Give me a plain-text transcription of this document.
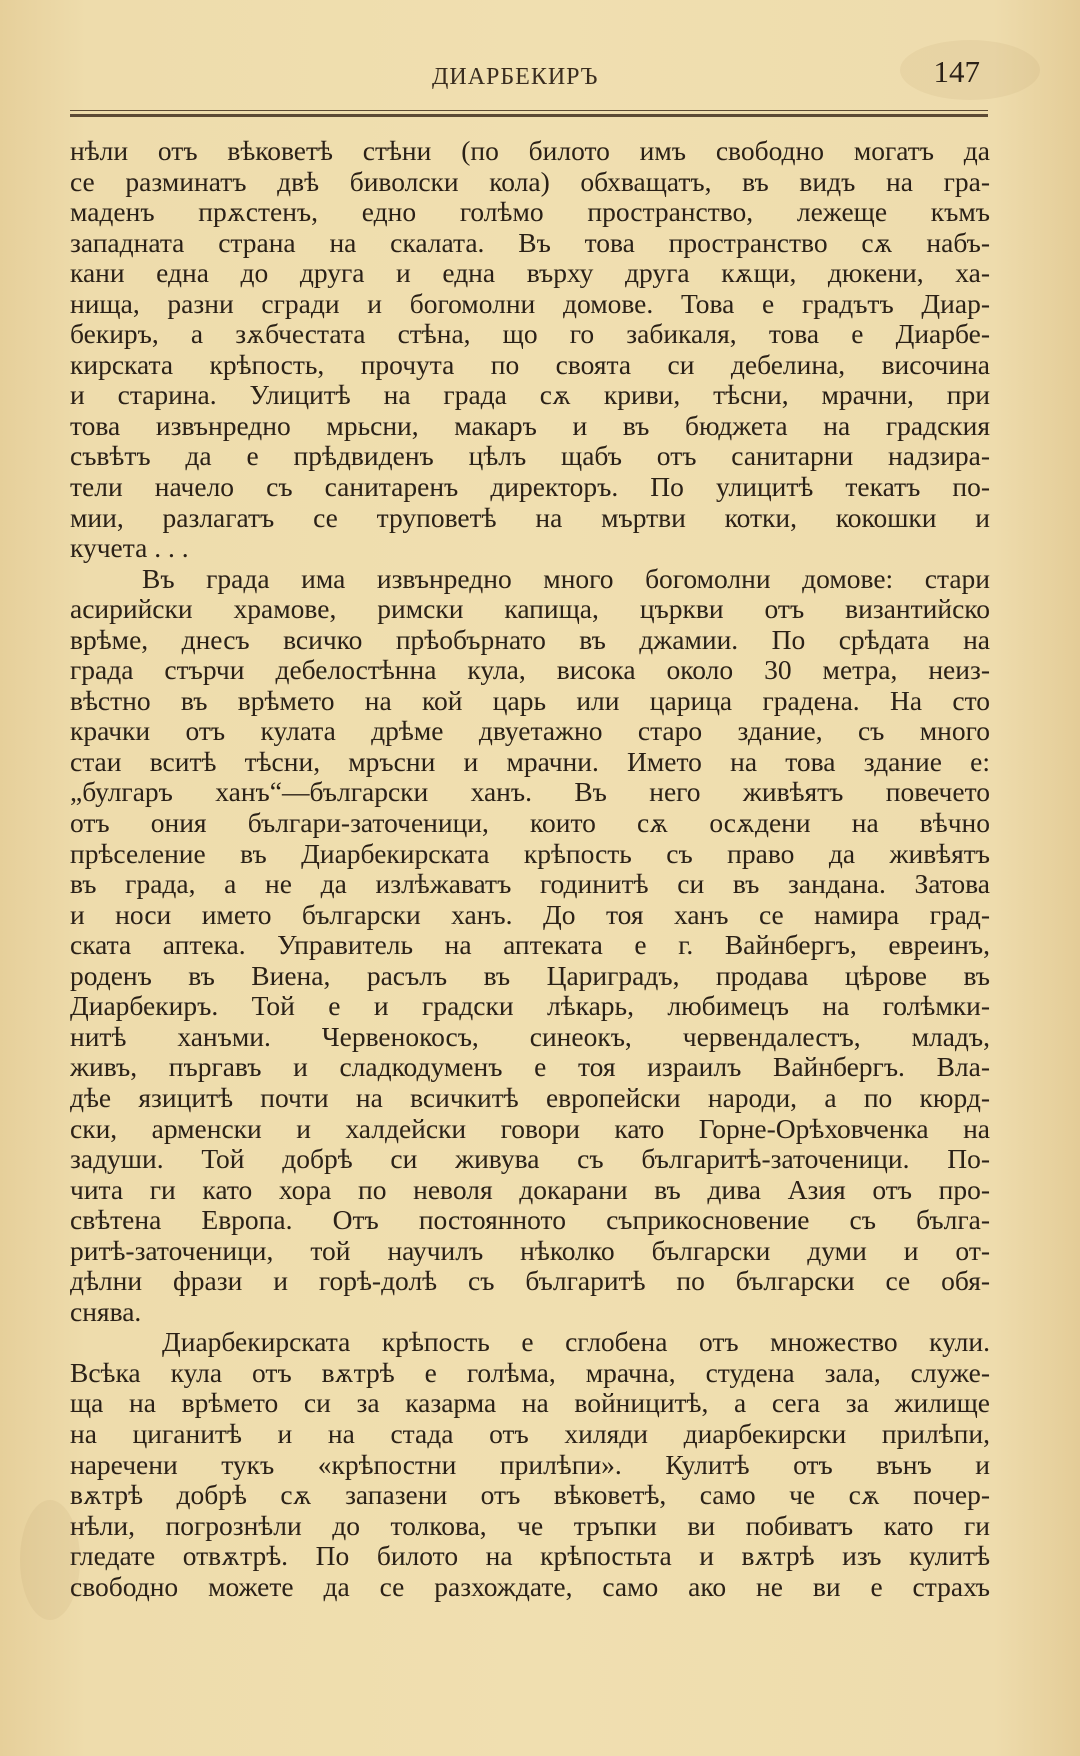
ДИАРБЕКИРЪ	147
нѣли отъ вѣковетѣ стѣни (по билото имъ свободно могатъ да
се разминатъ двѣ биволски кола) обхващатъ, въ видъ на гра-
маденъ прѫстенъ, едно голѣмо пространство, лежеще къмъ
западната страна на скалата. Въ това пространство сѫ набъ-
кани една до друга и една върху друга кѫщи, дюкени, ха-
нища, разни сгради и богомолни домове. Това е градътъ Диар-
бекиръ, а зѫбчестата стѣна, що го забикаля, това е Диарбе-
кирската крѣпость, прочута по своята си дебелина, височина
и старина. Улицитѣ на града сѫ криви, тѣсни, мрачни, при
това извънредно мрьсни, макаръ и въ бюджета на градския
съвѣтъ да е прѣдвиденъ цѣлъ щабъ отъ санитарни надзира-
тели начело съ санитаренъ директоръ. По улицитѣ текатъ по-
мии, разлагатъ се труповетѣ на мъртви котки, кокошки и
кучета . . .
Въ града има извънредно много богомолни домове: стари
асирийски храмове, римски капища, църкви отъ византийско
врѣме, днесъ всичко прѣобърнато въ джамии. По срѣдата на
града стърчи дебелостѣнна кула, висока около 30 метра, неиз-
вѣстно въ врѣмето на кой царь или царица градена. На сто
крачки отъ кулата дрѣме двуетажно старо здание, съ много
стаи вситѣ тѣсни, мръсни и мрачни. Името на това здание е:
„булгаръ ханъ“—български ханъ. Въ него живѣятъ повечето
отъ ония българи-заточеници, които сѫ осѫдени на вѣчно
прѣселение въ Диарбекирската крѣпость съ право да живѣятъ
въ града, а не да излѣжаватъ годинитѣ си въ зандана. Затова
и носи името български ханъ. До тоя ханъ се намира град-
ската аптека. Управитель на аптеката е г. Вайнбергъ, евреинъ,
роденъ въ Виена, расълъ въ Цариградъ, продава цѣрове въ
Диарбекиръ. Той е и градски лѣкарь, любимецъ на голѣмки-
нитѣ ханъми. Червенокосъ, синеокъ, червендалестъ, младъ,
живъ, пъргавъ и сладкодуменъ е тоя израилъ Вайнбергъ. Вла-
дѣе язицитѣ почти на всичкитѣ европейски народи, а по кюрд-
ски, арменски и халдейски говори като Горне-Орѣховченка на
задуши. Той добрѣ си живува съ българитѣ-заточеници. По-
чита ги като хора по неволя докарани въ дива Азия отъ про-
свѣтена Европа. Отъ постоянното съприкосновение съ бълга-
ритѣ-заточеници, той научилъ нѣколко български думи и от-
дѣлни фрази и горѣ-долѣ съ българитѣ по български се обя-
снява.
Диарбекирската крѣпость е сглобена отъ множество кули.
Всѣка кула отъ вѫтрѣ е голѣма, мрачна, студена зала, служе-
ща на врѣмето си за казарма на войницитѣ, а сега за жилище
на циганитѣ и на стада отъ хиляди диарбекирски прилѣпи,
наречени тукъ «крѣпостни прилѣпи». Кулитѣ отъ вънъ и
вѫтрѣ добрѣ сѫ запазени отъ вѣковетѣ, само че сѫ почер-
нѣли, погрознѣли до толкова, че тръпки ви побиватъ като ги
гледате отвѫтрѣ. По билото на крѣпостьта и вѫтрѣ изъ кулитѣ
свободно можете да се разхождате, само ако не ви е страхъ
